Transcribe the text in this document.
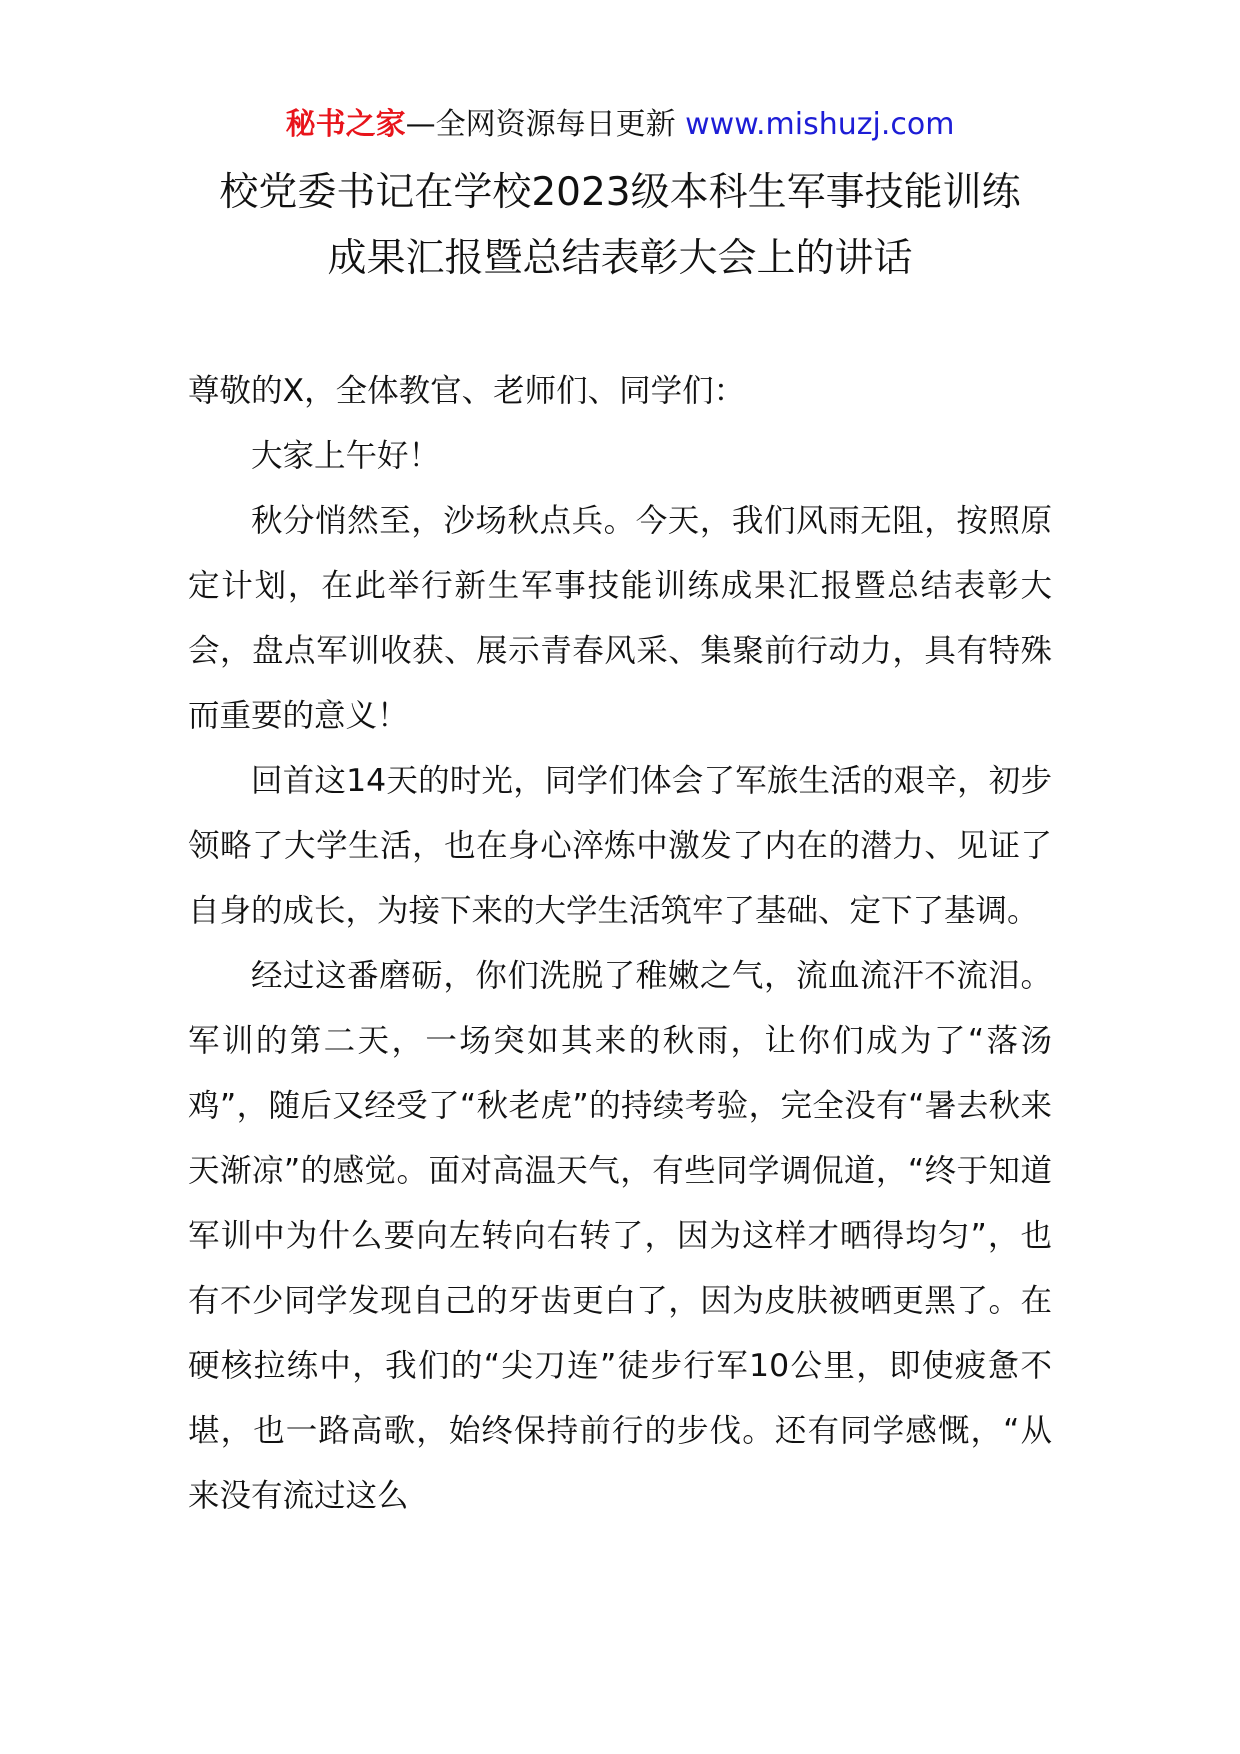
秘书之家—全网资源每日更新 www.mishuzj.com
校党委书记在学校2023级本科生军事技能训练
成果汇报暨总结表彰大会上的讲话

尊敬的X，全体教官、老师们、同学们：

大家上午好！

秋分悄然至，沙场秋点兵。今天，我们风雨无阻，按照原定计划，在此举行新生军事技能训练成果汇报暨总结表彰大会，盘点军训收获、展示青春风采、集聚前行动力，具有特殊而重要的意义！

回首这14天的时光，同学们体会了军旅生活的艰辛，初步领略了大学生活，也在身心淬炼中激发了内在的潜力、见证了自身的成长，为接下来的大学生活筑牢了基础、定下了基调。

经过这番磨砺，你们洗脱了稚嫩之气，流血流汗不流泪。军训的第二天，一场突如其来的秋雨，让你们成为了“落汤鸡”，随后又经受了“秋老虎”的持续考验，完全没有“暑去秋来天渐凉”的感觉。面对高温天气，有些同学调侃道，“终于知道军训中为什么要向左转向右转了，因为这样才晒得均匀”，也有不少同学发现自己的牙齿更白了，因为皮肤被晒更黑了。在硬核拉练中，我们的“尖刀连”徒步行军10公里，即使疲惫不堪，也一路高歌，始终保持前行的步伐。还有同学感慨，“从来没有流过这么
